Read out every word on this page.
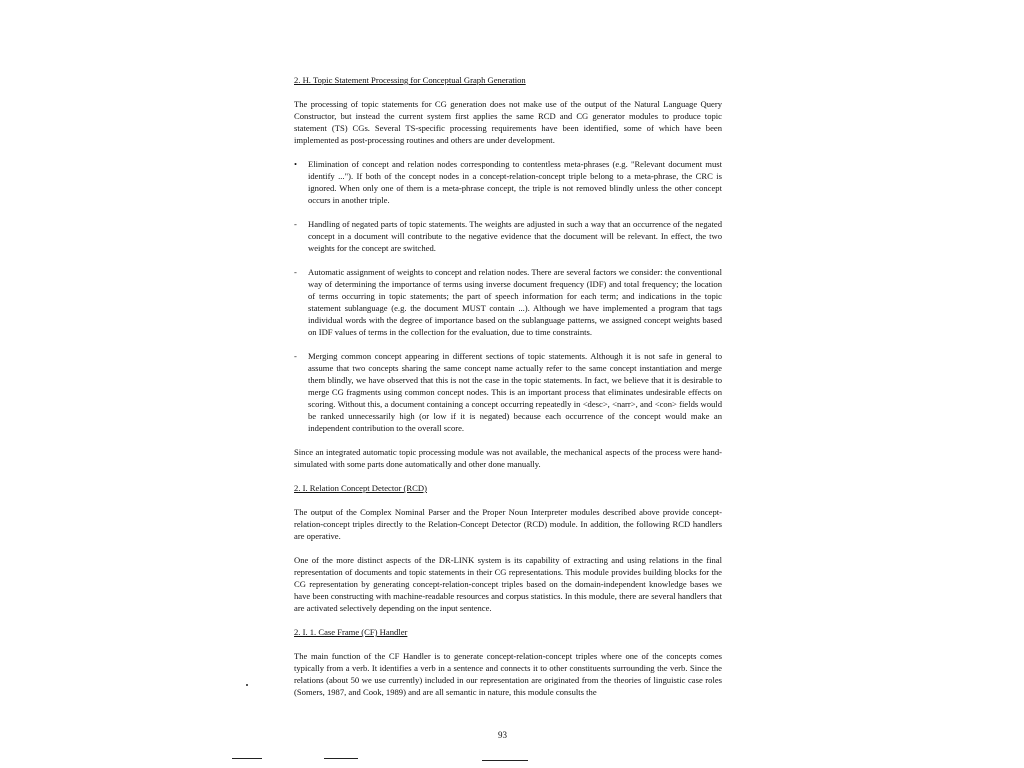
2. H. Topic Statement Processing for Conceptual Graph Generation

The processing of topic statements for CG generation does not make use of the output of the Natural Language Query Constructor, but instead the current system first applies the same RCD and CG generator modules to produce topic statement (TS) CGs. Several TS-specific processing requirements have been identified, some of which have been implemented as post-processing routines and others are under development.

• Elimination of concept and relation nodes corresponding to contentless meta-phrases (e.g. "Relevant document must identify ..."). If both of the concept nodes in a concept-relation-concept triple belong to a meta-phrase, the CRC is ignored. When only one of them is a meta-phrase concept, the triple is not removed blindly unless the other concept occurs in another triple.
- Handling of negated parts of topic statements. The weights are adjusted in such a way that an occurrence of the negated concept in a document will contribute to the negative evidence that the document will be relevant. In effect, the two weights for the concept are switched.
- Automatic assignment of weights to concept and relation nodes. There are several factors we consider: the conventional way of determining the importance of terms using inverse document frequency (IDF) and total frequency; the location of terms occurring in topic statements; the part of speech information for each term; and indications in the topic statement sublanguage (e.g. the document MUST contain ...). Although we have implemented a program that tags individual words with the degree of importance based on the sublanguage patterns, we assigned concept weights based on IDF values of terms in the collection for the evaluation, due to time constraints.
- Merging common concept appearing in different sections of topic statements. Although it is not safe in general to assume that two concepts sharing the same concept name actually refer to the same concept instantiation and merge them blindly, we have observed that this is not the case in the topic statements. In fact, we believe that it is desirable to merge CG fragments using common concept nodes. This is an important process that eliminates undesirable effects on scoring. Without this, a document containing a concept occurring repeatedly in <desc>, <narr>, and <con> fields would be ranked unnecessarily high (or low if it is negated) because each occurrence of the concept would make an independent contribution to the overall score.

Since an integrated automatic topic processing module was not available, the mechanical aspects of the process were hand-simulated with some parts done automatically and other done manually.

2. I. Relation Concept Detector (RCD)

The output of the Complex Nominal Parser and the Proper Noun Interpreter modules described above provide concept-relation-concept triples directly to the Relation-Concept Detector (RCD) module. In addition, the following RCD handlers are operative.

One of the more distinct aspects of the DR-LINK system is its capability of extracting and using relations in the final representation of documents and topic statements in their CG representations. This module provides building blocks for the CG representation by generating concept-relation-concept triples based on the domain-independent knowledge bases we have been constructing with machine-readable resources and corpus statistics. In this module, there are several handlers that are activated selectively depending on the input sentence.

2. I. 1. Case Frame (CF) Handler

The main function of the CF Handler is to generate concept-relation-concept triples where one of the concepts comes typically from a verb. It identifies a verb in a sentence and connects it to other constituents surrounding the verb. Since the relations (about 50 we use currently) included in our representation are originated from the theories of linguistic case roles (Somers, 1987, and Cook, 1989) and are all semantic in nature, this module consults the

93
